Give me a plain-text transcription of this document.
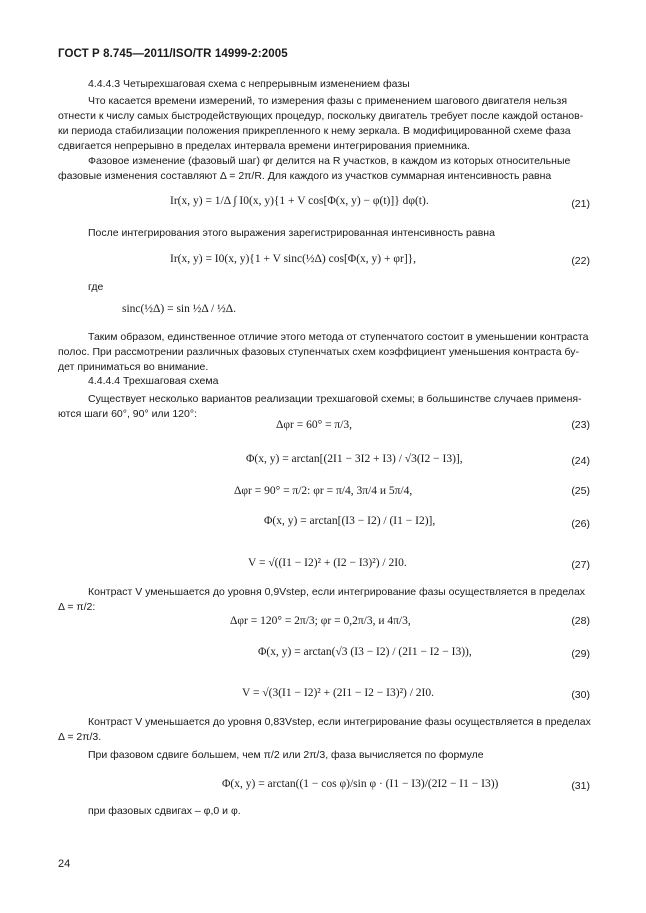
ГОСТ Р 8.745—2011/ISO/TR 14999-2:2005
4.4.4.3 Четырехшаговая схема с непрерывным изменением фазы
Что касается времени измерений, то измерения фазы с применением шагового двигателя нельзя
отнести к числу самых быстродействующих процедур, поскольку двигатель требует после каждой останов-
ки периода стабилизации положения прикрепленного к нему зеркала. В модифицированной схеме фаза
сдвигается непрерывно в пределах интервала времени интегрирования приемника.
Фазовое изменение (фазовый шаг) φr делится на R участков, в каждом из которых относительные
фазовые изменения составляют Δ = 2π/R. Для каждого из участков суммарная интенсивность равна
Ir(x, y) = 1/Δ ∫ I0(x, y){1 + V cos[Φ(x, y) − φ(t)]} dφ(t).	(21)
После интегрирования этого выражения зарегистрированная интенсивность равна
Ir(x, y) = I0(x, y){1 + V sinc(½Δ) cos[Φ(x, y) + φr]},	(22)
где
sinc(½Δ) = sin ½Δ / ½Δ.
Таким образом, единственное отличие этого метода от ступенчатого состоит в уменьшении контраста
полос. При рассмотрении различных фазовых ступенчатых схем коэффициент уменьшения контраста бу-
дет приниматься во внимание.
4.4.4.4 Трехшаговая схема
Существует несколько вариантов реализации трехшаговой схемы; в большинстве случаев применя-
ются шаги 60°, 90° или 120°:
Δφr = 60° = π/3,	(23)
Φ(x, y) = arctan[(2I1 − 3I2 + I3) / √3(I2 − I3)],	(24)
Δφr = 90° = π/2: φr = π/4, 3π/4 и 5π/4,	(25)
Φ(x, y) = arctan[(I3 − I2) / (I1 − I2)],	(26)
V = √((I1 − I2)² + (I2 − I3)²) / 2I0.	(27)
Контраст V уменьшается до уровня 0,9Vstep, если интегрирование фазы осуществляется в пределах
Δ = π/2:
Δφr = 120° = 2π/3; φr = 0,2π/3, и 4π/3,	(28)
Φ(x, y) = arctan(√3 (I3 − I2) / (2I1 − I2 − I3)),	(29)
V = √(3(I1 − I2)² + (2I1 − I2 − I3)²) / 2I0.	(30)
Контраст V уменьшается до уровня 0,83Vstep, если интегрирование фазы осуществляется в пределах
Δ = 2π/3.
При фазовом сдвиге большем, чем π/2 или 2π/3, фаза вычисляется по формуле
Φ(x, y) = arctan((1 − cos φ)/sin φ · (I1 − I3)/(2I2 − I1 − I3))	(31)
при фазовых сдвигах – φ,0 и φ.
24
